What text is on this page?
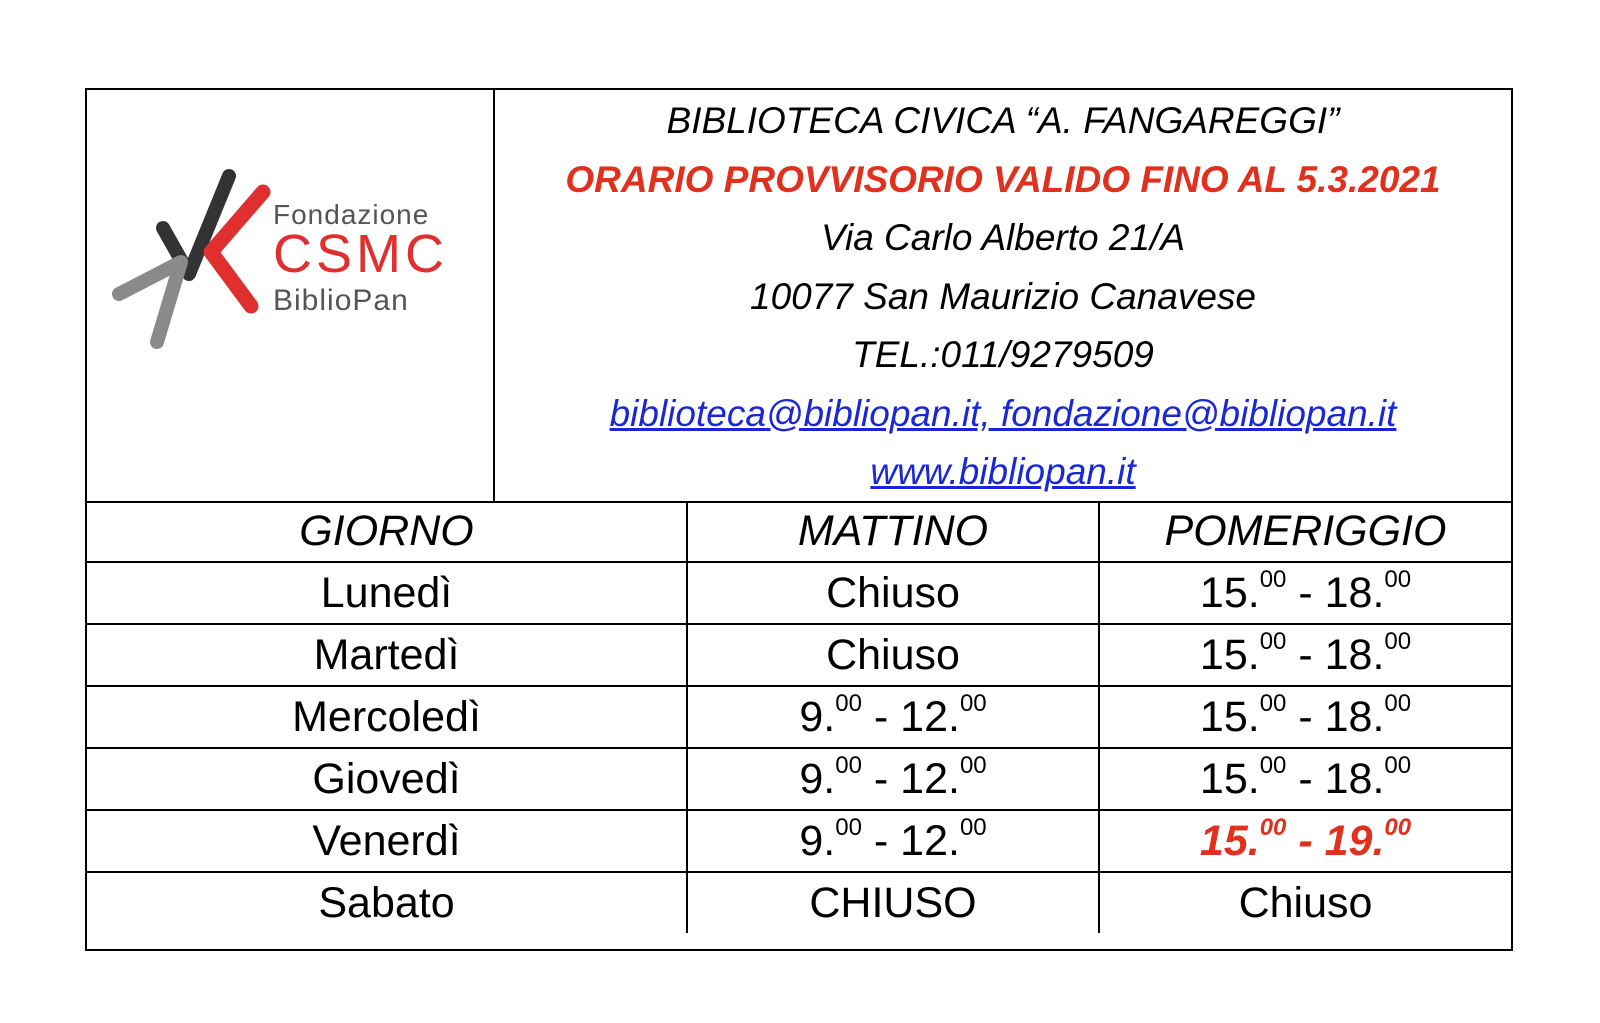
Fondazione
CSMC
BiblioPan
BIBLIOTECA CIVICA “A. FANGAREGGI”
ORARIO PROVVISORIO VALIDO FINO AL 5.3.2021
Via Carlo Alberto 21/A
10077 San Maurizio Canavese
TEL.:011/9279509
biblioteca@bibliopan.it, fondazione@bibliopan.it
www.bibliopan.it
GIORNO	MATTINO	POMERIGGIO
Lunedì	Chiuso	15.00 - 18.00
Martedì	Chiuso	15.00 - 18.00
Mercoledì	9.00 - 12.00	15.00 - 18.00
Giovedì	9.00 - 12.00	15.00 - 18.00
Venerdì	9.00 - 12.00	15.00 - 19.00
Sabato	CHIUSO	Chiuso
